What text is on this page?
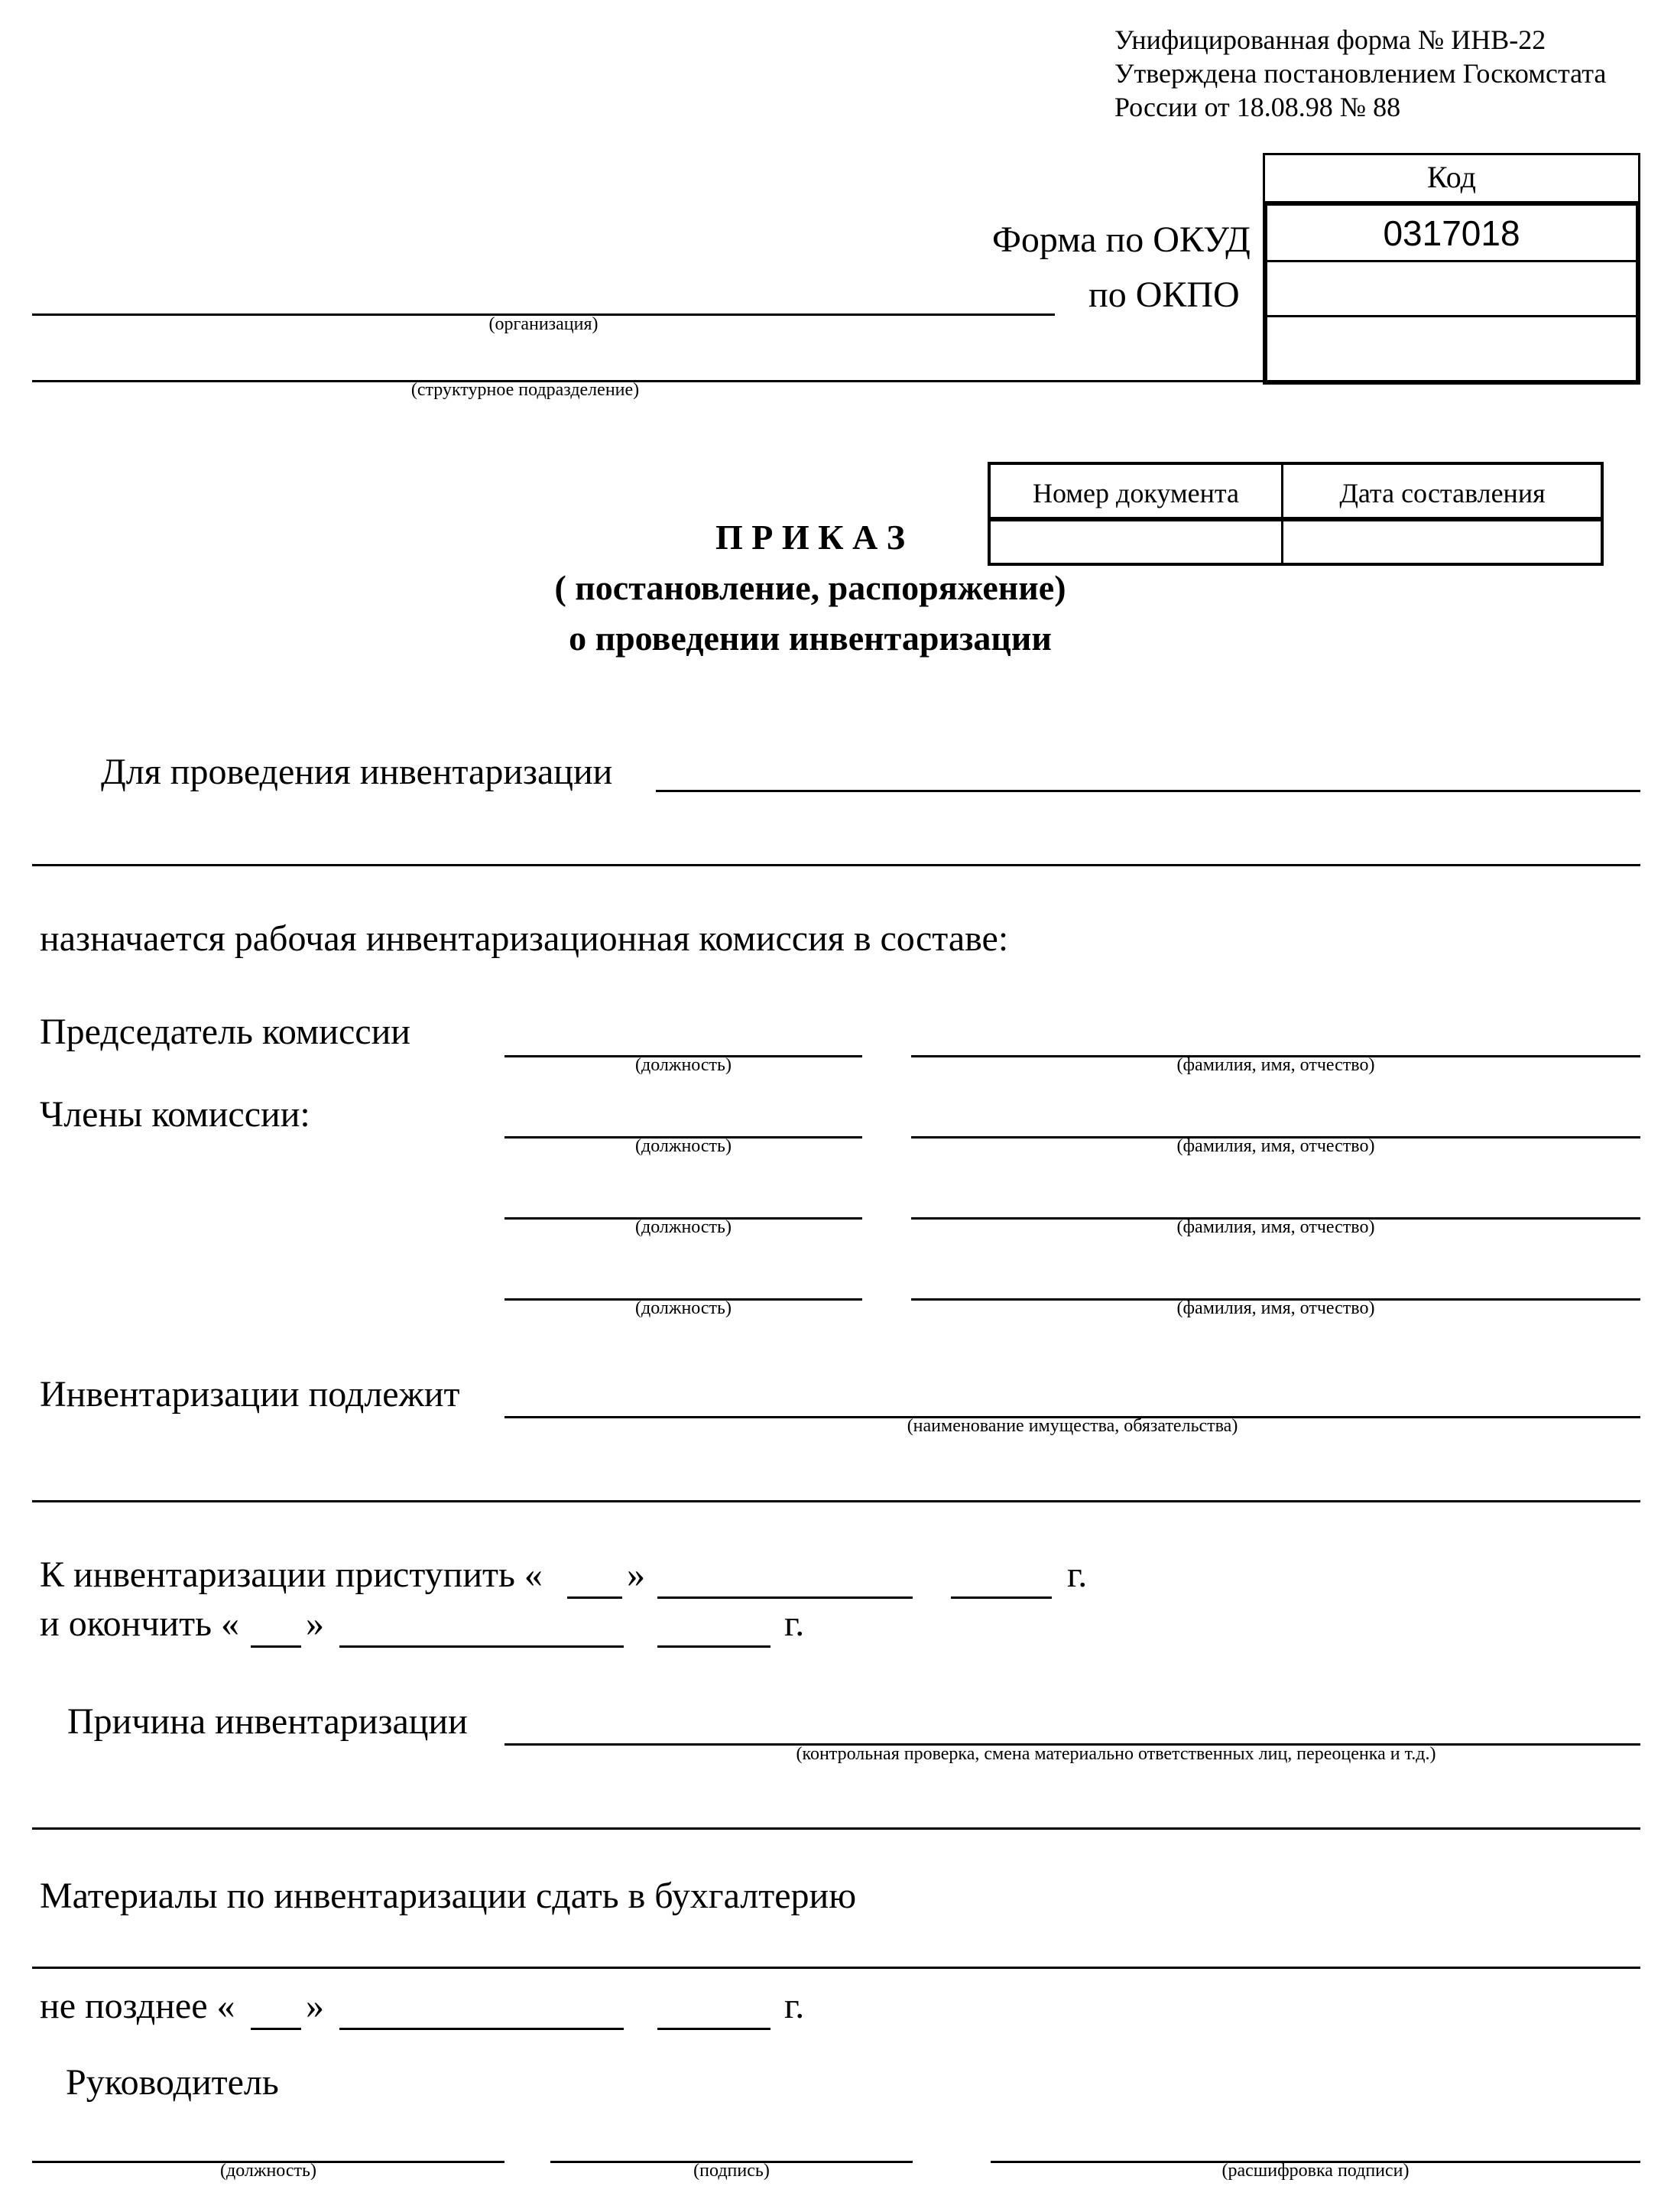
Унифицированная форма № ИНВ-22
Утверждена постановлением Госкомстата
России от 18.08.98 № 88
Код
0317018
Форма по ОКУД
по ОКПО
(организация)
(структурное подразделение)
Номер документа	Дата составления
П Р И К А З
( постановление, распоряжение)
о проведении инвентаризации
Для проведения инвентаризации
назначается рабочая инвентаризационная комиссия в составе:
Председатель комиссии
(должность)	(фамилия, имя, отчество)
Члены комиссии:
(должность)	(фамилия, имя, отчество)
(должность)	(фамилия, имя, отчество)
(должность)	(фамилия, имя, отчество)
Инвентаризации подлежит
(наименование имущества, обязательства)
К инвентаризации приступить « »	г.
и окончить « »	г.
Причина инвентаризации
(контрольная проверка, смена материально ответственных лиц, переоценка и т.д.)
Материалы по инвентаризации сдать в бухгалтерию
не позднее « »	г.
Руководитель
(должность)	(подпись)	(расшифровка подписи)
